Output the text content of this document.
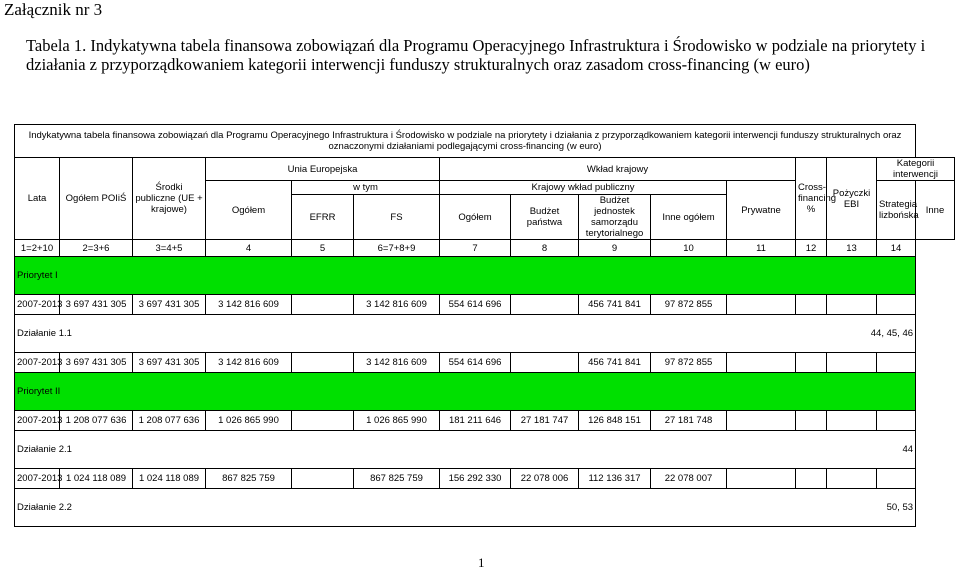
Załącznik nr 3
Tabela 1. Indykatywna tabela finansowa zobowiązań dla Programu Operacyjnego Infrastruktura i Środowisko w podziale na priorytety i działania z przyporządkowaniem kategorii interwencji funduszy strukturalnych oraz zasadom cross-financing (w euro)
Indykatywna tabela finansowa zobowiązań dla Programu Operacyjnego Infrastruktura i Środowisko w podziale na priorytety i działania z przyporządkowaniem kategorii interwencji funduszy strukturalnych oraz oznaczonymi działaniami podlegającymi cross-financing (w euro)														
Lata	Ogółem POIiŚ	Środki publiczne (UE + krajowe)	Unia Europejska			Wkład krajowy					Cross-financing %	Pożyczki EBI	Kategorii interwencji	
			Ogółem	w tym		Krajowy wkład publiczny				Prywatne			Strategia lizbońska	Inne
				EFRR	FS	Ogółem	Budżet państwa	Budżet jednostek samorządu terytorialnego	Inne ogółem					

1=2+10	2=3+6	3=4+5	4	5	6=7+8+9	7	8	9	10	11	12	13	14	
Priorytet I														
2007-2013	3 697 431 305	3 697 431 305	3 142 816 609		3 142 816 609	554 614 696		456 741 841	97 872 855					
Działanie 1.1		44, 45, 46												
2007-2013	3 697 431 305	3 697 431 305	3 142 816 609		3 142 816 609	554 614 696		456 741 841	97 872 855					
Priorytet II														
2007-2013	1 208 077 636	1 208 077 636	1 026 865 990		1 026 865 990	181 211 646	27 181 747	126 848 151	27 181 748					
Działanie 2.1		44												
2007-2013	1 024 118 089	1 024 118 089	867 825 759		867 825 759	156 292 330	22 078 006	112 136 317	22 078 007					
Działanie 2.2		50, 53												
1
